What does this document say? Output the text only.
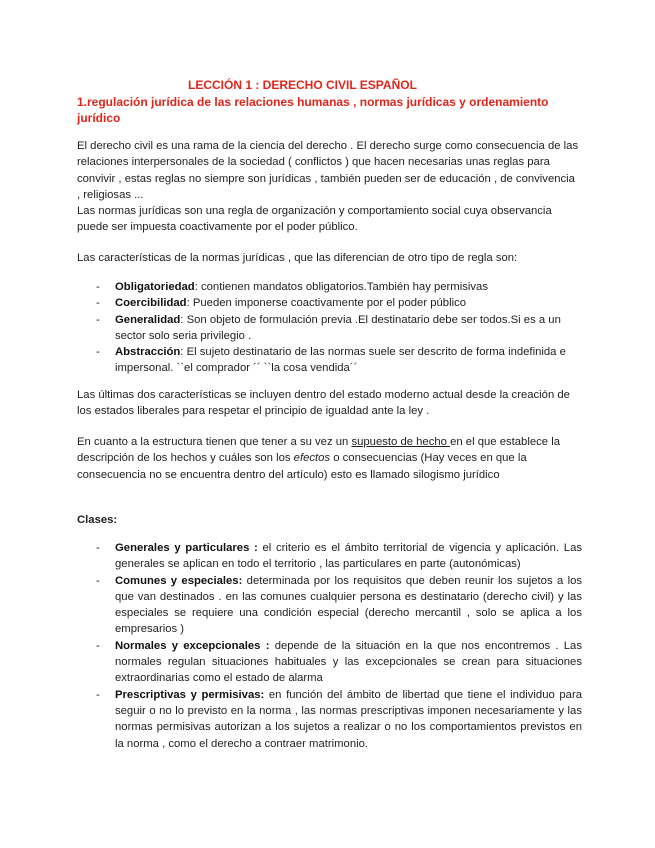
LECCIÓN 1 : DERECHO CIVIL ESPAÑOL
1.regulación jurídica de las relaciones humanas , normas jurídicas y ordenamiento jurídico

El derecho civil es una rama de la ciencia del derecho . El derecho surge como consecuencia de las relaciones interpersonales de la sociedad ( conflictos ) que hacen necesarias unas reglas para convivir , estas reglas no siempre son jurídicas , también pueden ser de educación , de convivencia , religiosas ...

Las normas jurídicas son una regla de organización y comportamiento social cuya observancia puede ser impuesta coactivamente por el poder público.

Las características de la normas jurídicas , que las diferencian de otro tipo de regla son:

- Obligatoriedad: contienen mandatos obligatorios.También hay permisivas
- Coercibilidad: Pueden imponerse coactivamente por el poder público
- Generalidad: Son objeto de formulación previa .El destinatario debe ser todos.Si es a un sector solo seria privilegio .
- Abstracción: El sujeto destinatario de las normas suele ser descrito de forma indefinida e impersonal. ``el comprador ´´ ``la cosa vendida´´

Las últimas dos características se incluyen dentro del estado moderno actual desde la creación de los estados liberales para respetar el principio de igualdad ante la ley .

En cuanto a la estructura tienen que tener a su vez un supuesto de hecho en el que establece la descripción de los hechos y cuáles son los efectos o consecuencias (Hay veces en que la consecuencia no se encuentra dentro del artículo) esto es llamado silogismo jurídico

Clases:

- Generales y particulares : el criterio es el ámbito territorial de vigencia y aplicación. Las generales se aplican en todo el territorio , las particulares en parte (autonómicas)
- Comunes y especiales: determinada por los requisitos que deben reunir los sujetos a los que van destinados . en las comunes cualquier persona es destinatario (derecho civil) y las especiales se requiere una condición especial (derecho mercantil , solo se aplica a los empresarios )
- Normales y excepcionales : depende de la situación en la que nos encontremos . Las normales regulan situaciones habituales y las excepcionales se crean para situaciones extraordinarias como el estado de alarma
- Prescriptivas y permisivas: en función del ámbito de libertad que tiene el individuo para seguir o no lo previsto en la norma , las normas prescriptivas imponen necesariamente y las normas permisivas autorizan a los sujetos a realizar o no los comportamientos previstos en la norma , como el derecho a contraer matrimonio.
